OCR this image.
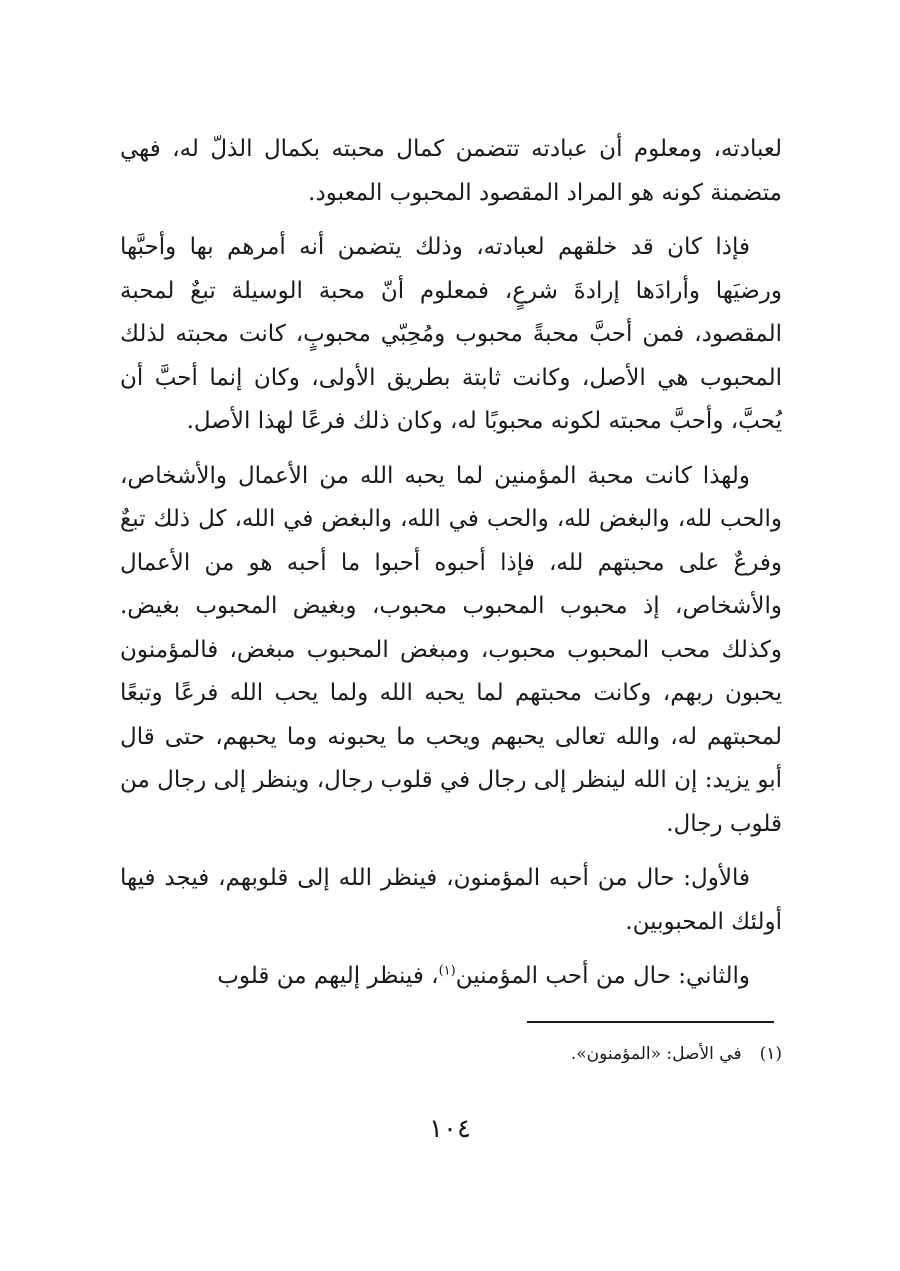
لعبادته، ومعلوم أن عبادته تتضمن كمال محبته بكمال الذلّ له، فهي متضمنة كونه هو المراد المقصود المحبوب المعبود.

فإذا كان قد خلقهم لعبادته، وذلك يتضمن أنه أمرهم بها وأحبَّها ورضيَها وأرادَها إرادةَ شرعٍ، فمعلوم أنّ محبة الوسيلة تبعٌ لمحبة المقصود، فمن أحبَّ محبةً محبوب ومُحِبّي محبوبٍ، كانت محبته لذلك المحبوب هي الأصل، وكانت ثابتة بطريق الأولى، وكان إنما أحبَّ أن يُحبَّ، وأحبَّ محبته لكونه محبوبًا له، وكان ذلك فرعًا لهذا الأصل.

ولهذا كانت محبة المؤمنين لما يحبه الله من الأعمال والأشخاص، والحب لله، والبغض لله، والحب في الله، والبغض في الله، كل ذلك تبعٌ وفرعٌ على محبتهم لله، فإذا أحبوه أحبوا ما أحبه هو من الأعمال والأشخاص، إذ محبوب المحبوب محبوب، وبغيض المحبوب بغيض. وكذلك محب المحبوب محبوب، ومبغض المحبوب مبغض، فالمؤمنون يحبون ربهم، وكانت محبتهم لما يحبه الله ولما يحب الله فرعًا وتبعًا لمحبتهم له، والله تعالى يحبهم ويحب ما يحبونه وما يحبهم، حتى قال أبو يزيد: إن الله لينظر إلى رجال في قلوب رجال، وينظر إلى رجال من قلوب رجال.

فالأول: حال من أحبه المؤمنون، فينظر الله إلى قلوبهم، فيجد فيها أولئك المحبوبين.

والثاني: حال من أحب المؤمنين$^{(١)}$، فينظر إليهم من قلوب

(١)في الأصل: «المؤمنون».
١٠٤
